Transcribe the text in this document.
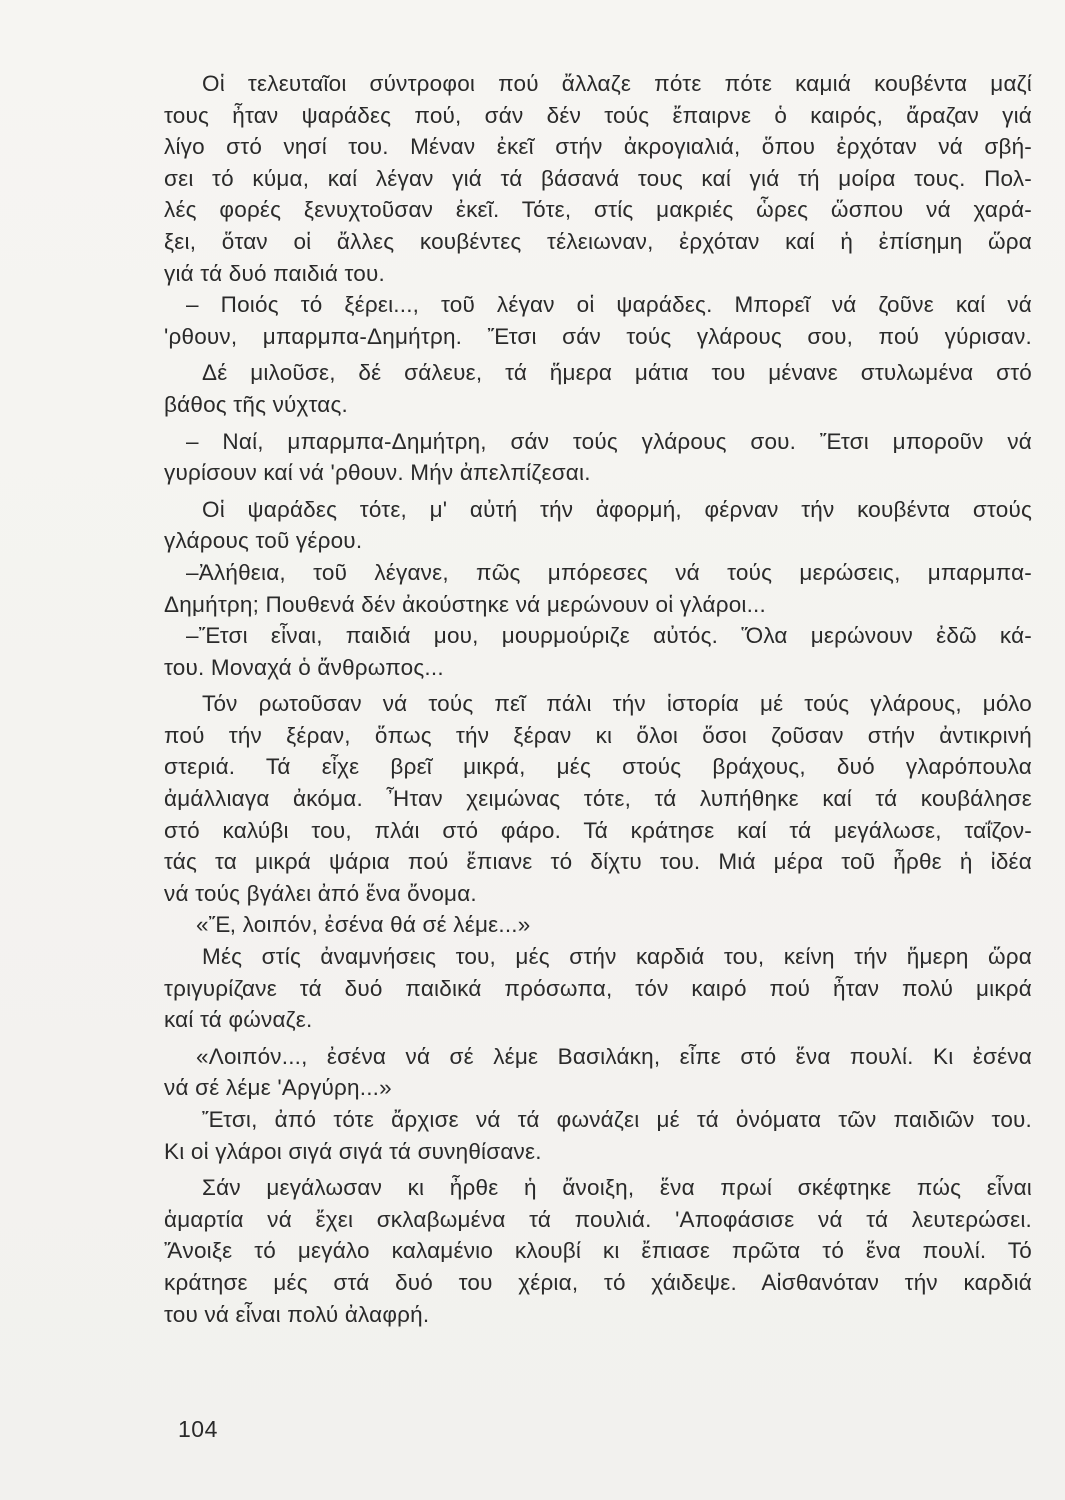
Οἱ τελευταῖοι σύντροφοι πού ἄλλαζε πότε πότε καμιά κουβέντα μαζί
τους ἦταν ψαράδες πού, σάν δέν τούς ἔπαιρνε ὁ καιρός, ἄραζαν γιά
λίγο στό νησί του. Μέναν ἐκεῖ στήν ἀκρογιαλιά, ὅπου ἐρχόταν νά σβή-
σει τό κύμα, καί λέγαν γιά τά βάσανά τους καί γιά τή μοίρα τους. Πολ-
λές φορές ξενυχτοῦσαν ἐκεῖ. Τότε, στίς μακριές ὧρες ὥσπου νά χαρά-
ξει, ὅταν οἱ ἄλλες κουβέντες τέλειωναν, ἐρχόταν καί ἡ ἐπίσημη ὥρα
γιά τά δυό παιδιά του.
– Ποιός τό ξέρει..., τοῦ λέγαν οἱ ψαράδες. Μπορεῖ νά ζοῦνε καί νά
'ρθουν, μπαρμπα-Δημήτρη. Ἔτσι σάν τούς γλάρους σου, πού γύρισαν.
Δέ μιλοῦσε, δέ σάλευε, τά ἥμερα μάτια του μένανε στυλωμένα στό
βάθος τῆς νύχτας.
– Ναί, μπαρμπα-Δημήτρη, σάν τούς γλάρους σου. Ἔτσι μποροῦν νά
γυρίσουν καί νά 'ρθουν. Μήν ἀπελπίζεσαι.
Οἱ ψαράδες τότε, μ' αὐτή τήν ἀφορμή, φέρναν τήν κουβέντα στούς
γλάρους τοῦ γέρου.
–Ἀλήθεια, τοῦ λέγανε, πῶς μπόρεσες νά τούς μερώσεις, μπαρμπα-
Δημήτρη; Πουθενά δέν ἀκούστηκε νά μερώνουν οἱ γλάροι...
–Ἔτσι εἶναι, παιδιά μου, μουρμούριζε αὐτός. Ὅλα μερώνουν ἐδῶ κά-
του. Μοναχά ὁ ἄνθρωπος...
Τόν ρωτοῦσαν νά τούς πεῖ πάλι τήν ἱστορία μέ τούς γλάρους, μόλο
πού τήν ξέραν, ὅπως τήν ξέραν κι ὅλοι ὅσοι ζοῦσαν στήν ἀντικρινή
στεριά. Τά εἶχε βρεῖ μικρά, μές στούς βράχους, δυό γλαρόπουλα
ἀμάλλιαγα ἀκόμα. Ἦταν χειμώνας τότε, τά λυπήθηκε καί τά κουβάλησε
στό καλύβι του, πλάι στό φάρο. Τά κράτησε καί τά μεγάλωσε, ταΐζον-
τάς τα μικρά ψάρια πού ἔπιανε τό δίχτυ του. Μιά μέρα τοῦ ἦρθε ἡ ἰδέα
νά τούς βγάλει ἀπό ἕνα ὄνομα.
«Ἔ, λοιπόν, ἐσένα θά σέ λέμε...»
Μές στίς ἀναμνήσεις του, μές στήν καρδιά του, κείνη τήν ἥμερη ὥρα
τριγυρίζανε τά δυό παιδικά πρόσωπα, τόν καιρό πού ἦταν πολύ μικρά
καί τά φώναζε.
«Λοιπόν..., ἐσένα νά σέ λέμε Βασιλάκη, εἶπε στό ἕνα πουλί. Κι ἐσένα
νά σέ λέμε 'Αργύρη...»
Ἔτσι, ἀπό τότε ἄρχισε νά τά φωνάζει μέ τά ὀνόματα τῶν παιδιῶν του.
Κι οἱ γλάροι σιγά σιγά τά συνηθίσανε.
Σάν μεγάλωσαν κι ἦρθε ἡ ἄνοιξη, ἕνα πρωί σκέφτηκε πώς εἶναι
ἁμαρτία νά ἔχει σκλαβωμένα τά πουλιά. 'Αποφάσισε νά τά λευτερώσει.
Ἄνοιξε τό μεγάλο καλαμένιο κλουβί κι ἔπιασε πρῶτα τό ἕνα πουλί. Τό
κράτησε μές στά δυό του χέρια, τό χάιδεψε. Αἰσθανόταν τήν καρδιά
του νά εἶναι πολύ ἀλαφρή.
104
